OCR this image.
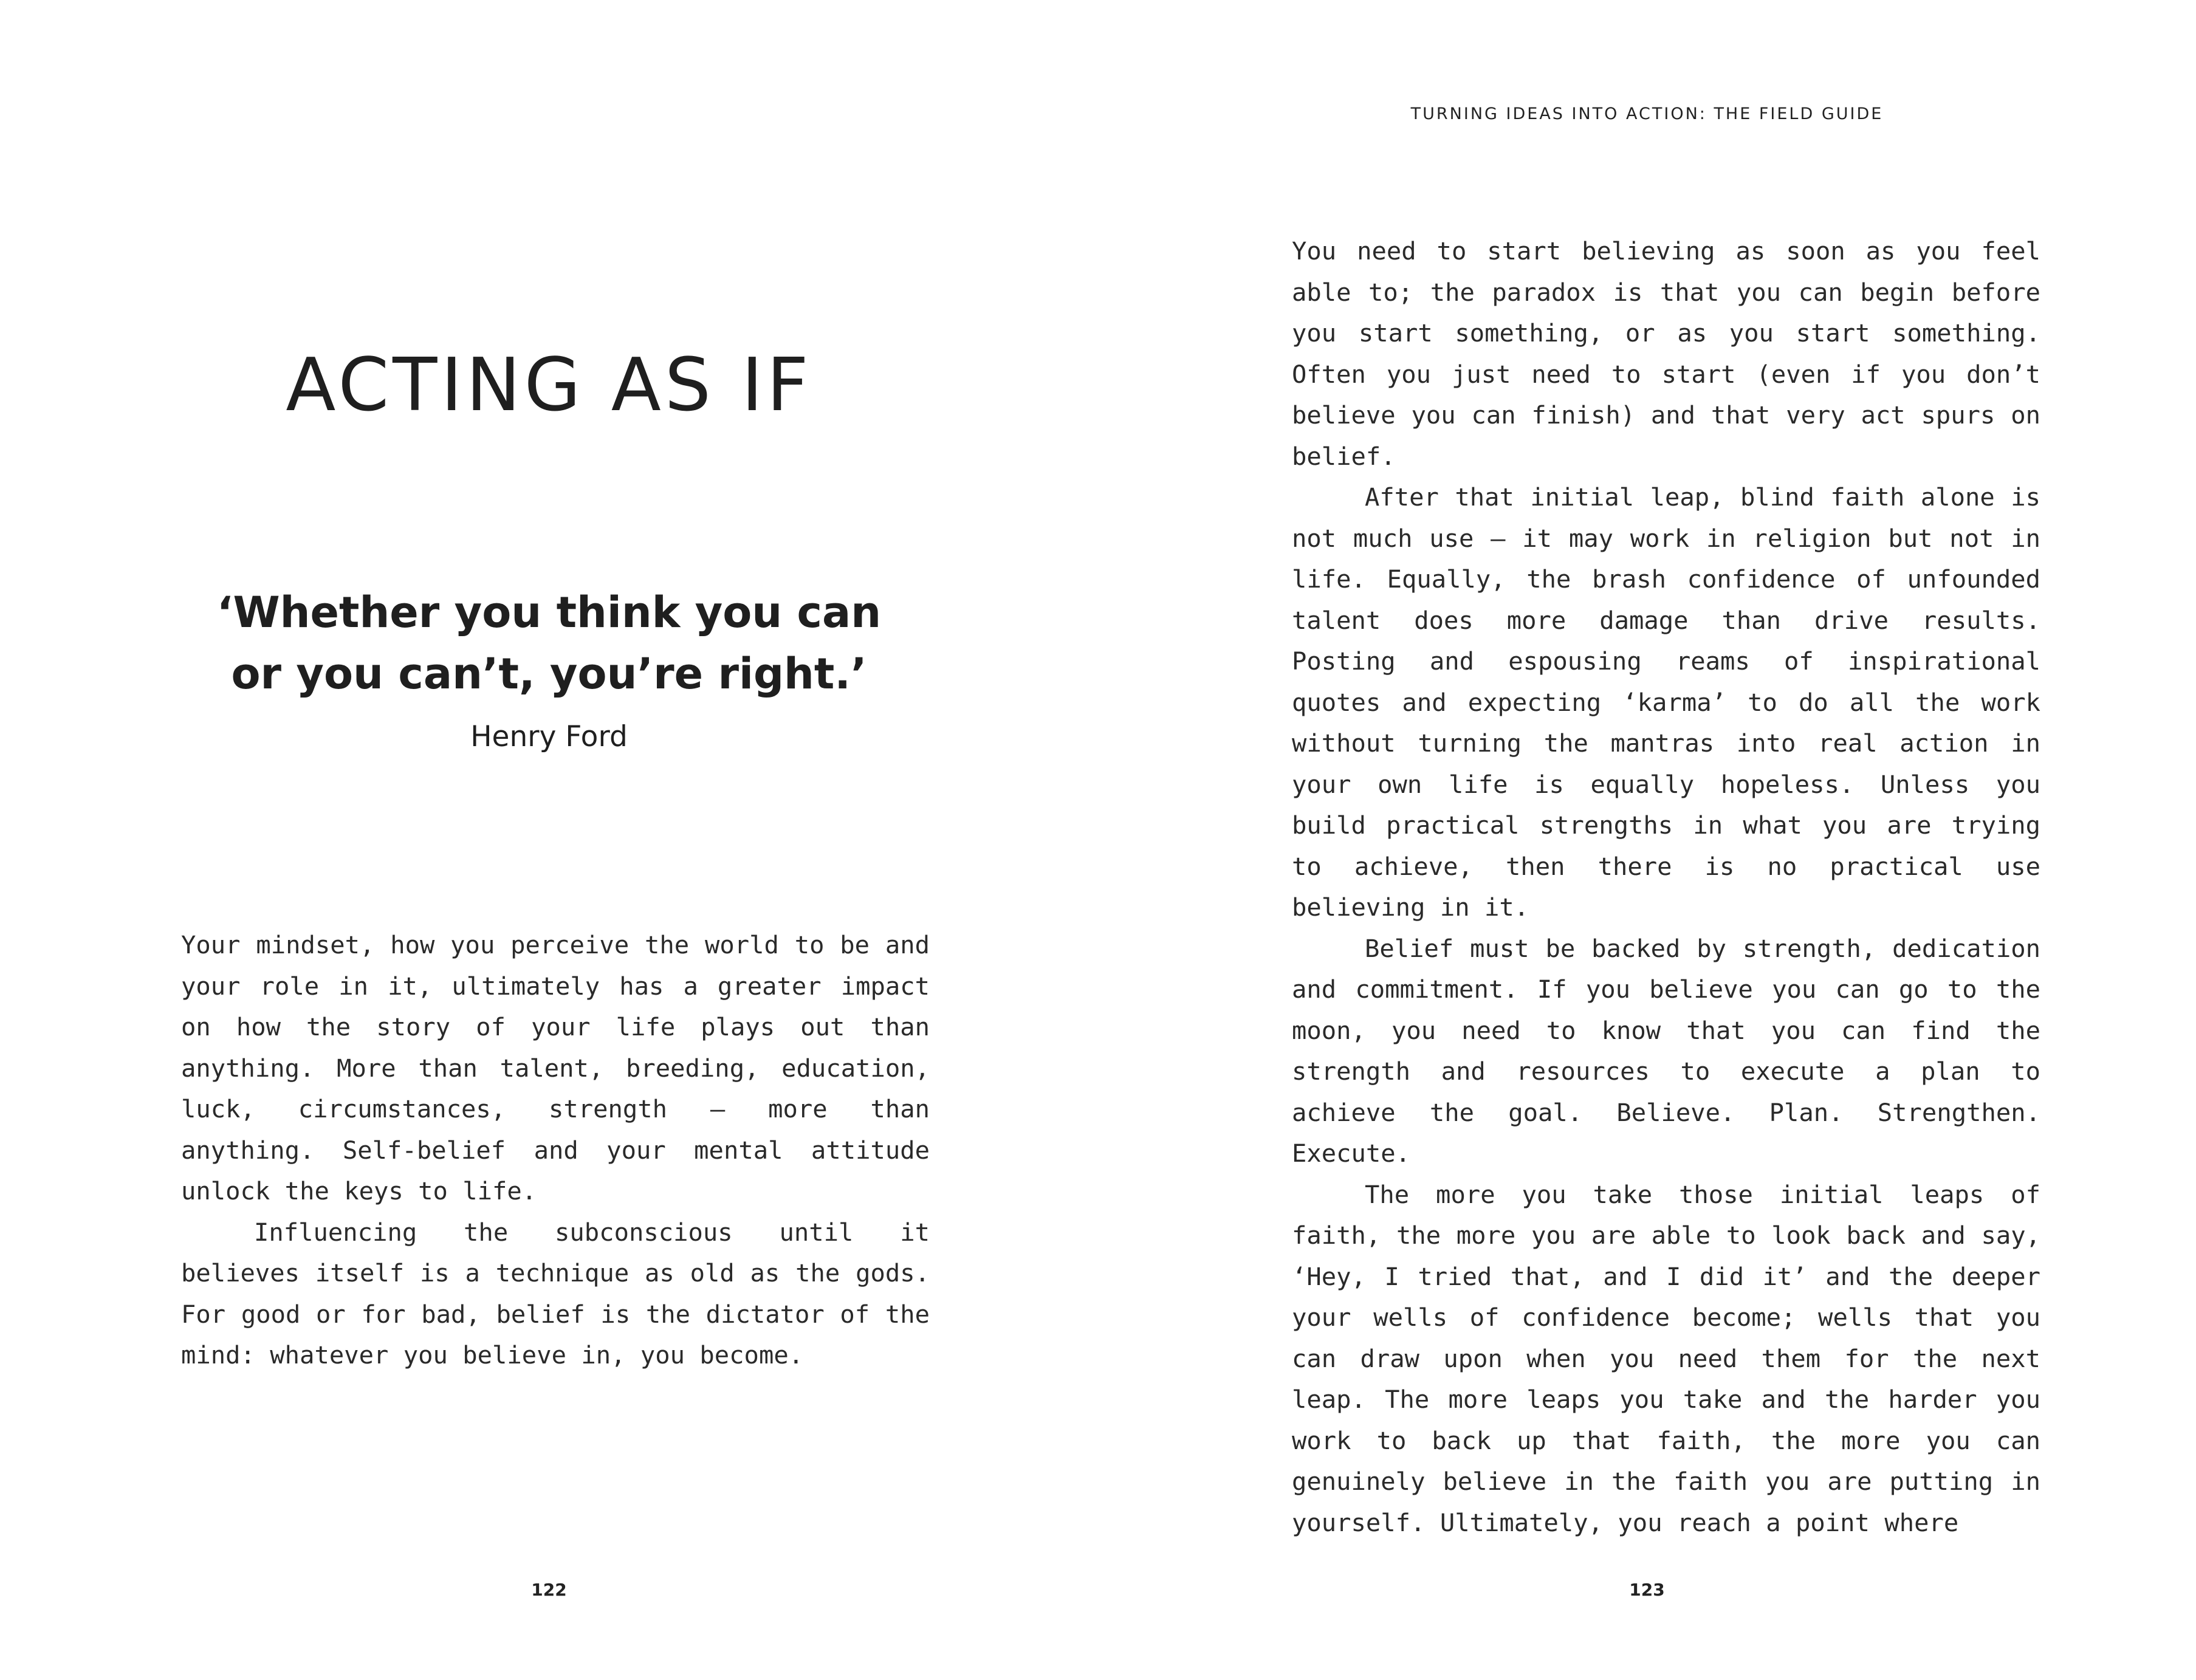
ACTING AS IF
‘Whether you think you can
or you can’t, you’re right.’
Henry Ford

Your mindset, how you perceive the world to be and your role in it, ultimately has a greater impact on how the story of your life plays out than anything. More than talent, breeding, education, luck, circumstances, strength – more than anything. Self-belief and your mental attitude unlock the keys to life.

Influencing the subconscious until it believes itself is a technique as old as the gods. For good or for bad, belief is the dictator of the mind: whatever you believe in, you become.

122
TURNING IDEAS INTO ACTION: THE FIELD GUIDE

You need to start believing as soon as you feel able to; the paradox is that you can begin before you start something, or as you start something. Often you just need to start (even if you don’t believe you can finish) and that very act spurs on belief.

After that initial leap, blind faith alone is not much use – it may work in religion but not in life. Equally, the brash confidence of unfounded talent does more damage than drive results. Posting and espousing reams of inspirational quotes and expecting ‘karma’ to do all the work without turning the mantras into real action in your own life is equally hopeless. Unless you build practical strengths in what you are trying to achieve, then there is no practical use believing in it.

Belief must be backed by strength, dedication and commitment. If you believe you can go to the moon, you need to know that you can find the strength and resources to execute a plan to achieve the goal. Believe. Plan. Strengthen. Execute.

The more you take those initial leaps of faith, the more you are able to look back and say, ‘Hey, I tried that, and I did it’ and the deeper your wells of confidence become; wells that you can draw upon when you need them for the next leap. The more leaps you take and the harder you work to back up that faith, the more you can genuinely believe in the faith you are putting in yourself. Ultimately, you reach a point where

123
